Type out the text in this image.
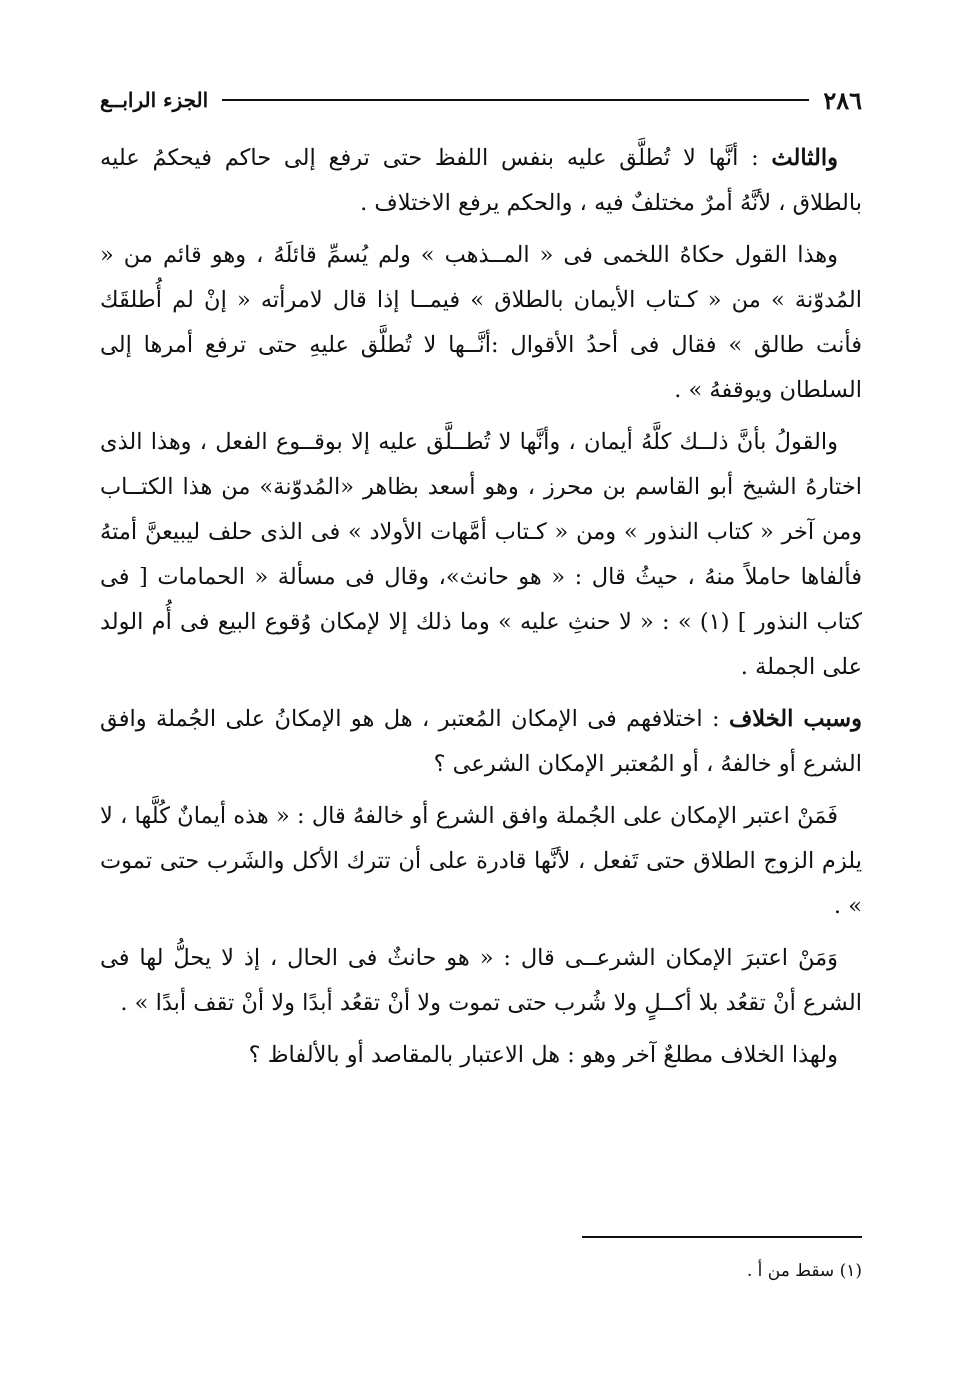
٢٨٦
الجزء الرابــع

والثالث : أنَّها لا تُطلَّق عليه بنفس اللفظ حتى ترفع إلى حاكم فيحكمُ عليه بالطلاق ، لأنَّهُ أمرٌ مختلفٌ فيه ، والحكم يرفع الاختلاف .

وهذا القول حكاهُ اللخمى فى « المــذهب » ولم يُسمِّ قائلَهُ ، وهو قائم من « المُدوّنة » من « كـتاب الأيمان بالطلاق » فيمــا إذا قال لامرأته « إنْ لم أُطلقَك فأنت طالق » فقال فى أحدُ الأقوال :أنَّــها لا تُطلَّق عليهِ حتى ترفع أمرها إلى السلطان ويوقفهُ » .

والقولُ بأنَّ ذلــك كلَّهُ أيمان ، وأنَّها لا تُطــلَّق عليه إلا بوقــوع الفعل ، وهذا الذى اختارهُ الشيخ أبو القاسم بن محرز ، وهو أسعد بظاهر «المُدوّنة» من هذا الكتــاب ومن آخر « كتاب النذور » ومن « كـتاب أمَّهات الأولاد » فى الذى حلف ليبيعنَّ أمتهُ فألفاها حاملاً منهُ ، حيثُ قال : « هو حانث»، وقال فى مسألة « الحمامات [ فى كتاب النذور ] (١) » : « لا حنثِ عليه » وما ذلك إلا لإمكان وُقوع البيع فى أُم الولد على الجملة .

وسبب الخلاف : اختلافهم فى الإمكان المُعتبر ، هل هو الإمكانُ على الجُملة وافق الشرع أو خالفهُ ، أو المُعتبر الإمكان الشرعى ؟

فَمَنْ اعتبر الإمكان على الجُملة وافق الشرع أو خالفهُ قال : « هذه أيمانٌ كُلَّها ، لا يلزم الزوج الطلاق حتى تَفعل ، لأنَّها قادرة على أن تترك الأكل والشَرب حتى تموت » .

وَمَنْ اعتبرَ الإمكان الشرعــى قال : « هو حانثٌ فى الحال ، إذ لا يحلُّ لها فى الشرع أنْ تقعُد بلا أكــلٍ ولا شُرب حتى تموت ولا أنْ تقعُد أبدًا ولا أنْ تقف أبدًا » .

ولهذا الخلاف مطلعٌ آخر وهو : هل الاعتبار بالمقاصد أو بالألفاظ ؟

(١) سقط من أ .
